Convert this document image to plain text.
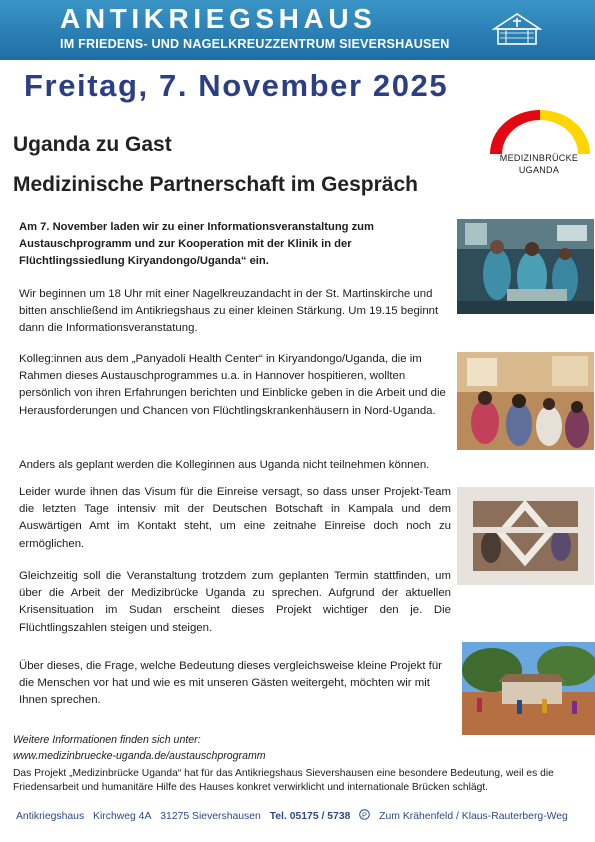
ANTIKRIEGSHAUS
IM FRIEDENS- UND NAGELKREUZZENTRUM SIEVERSHAUSEN
Freitag, 7. November 2025
Uganda zu Gast
Medizinische Partnerschaft im Gespräch
MEDIZINBRÜCKE UGANDA
Am 7. November laden wir zu einer Informationsveranstaltung zum Austauschprogramm und zur Kooperation mit der Klinik in der Flüchtlingssiedlung Kiryandongo/Uganda“ ein.
Wir beginnen um 18 Uhr mit einer Nagelkreuzandacht in der St. Martinskirche und bitten anschließend im Antikriegshaus zu einer kleinen Stärkung. Um 19.15 beginnt dann die Informationsveranstatung.
Kolleg:innen aus dem „Panyadoli Health Center“ in Kiryandongo/Uganda, die im Rahmen dieses Austauschprogrammes u.a. in Hannover hospitieren, wollten persönlich von ihren Erfahrungen berichten und Einblicke geben in die Arbeit und die Herausforderungen und Chancen von Flüchtlingskrankenhäusern in Nord-Uganda.
Anders als geplant werden die Kolleginnen aus Uganda nicht teilnehmen können.
Leider wurde ihnen das Visum für die Einreise versagt, so dass unser Projekt-Team die letzten Tage intensiv mit der Deutschen Botschaft in Kampala und dem Auswärtigen Amt im Kontakt steht, um eine zeitnahe Einreise doch noch zu ermöglichen.
Gleichzeitig soll die Veranstaltung trotzdem zum geplanten Termin stattfinden, um über die Arbeit der Medizibrücke Uganda zu sprechen. Aufgrund der aktuellen Krisensituation im Sudan erscheint dieses Projekt wichtiger den je. Die Flüchtlingszahlen steigen und steigen.
Über dieses, die Frage, welche Bedeutung dieses vergleichsweise kleine Projekt für die Menschen vor hat und wie es mit unseren Gästen weitergeht, möchten wir mit Ihnen sprechen.
Weitere Informationen finden sich unter:
www.medizinbruecke-uganda.de/austauschprogramm
Das Projekt „Medizinbrücke Uganda“ hat für das Antikriegshaus Sievershausen eine besondere Bedeutung, weil es die Friedensarbeit und humanitäre Hilfe des Hauses konkret verwirklicht und internationale Brücken schlägt.
Antikriegshaus Kirchweg 4A 31275 Sievershausen Tel. 05175 / 5738 P Zum Krähenfeld / Klaus-Rauterberg-Weg
